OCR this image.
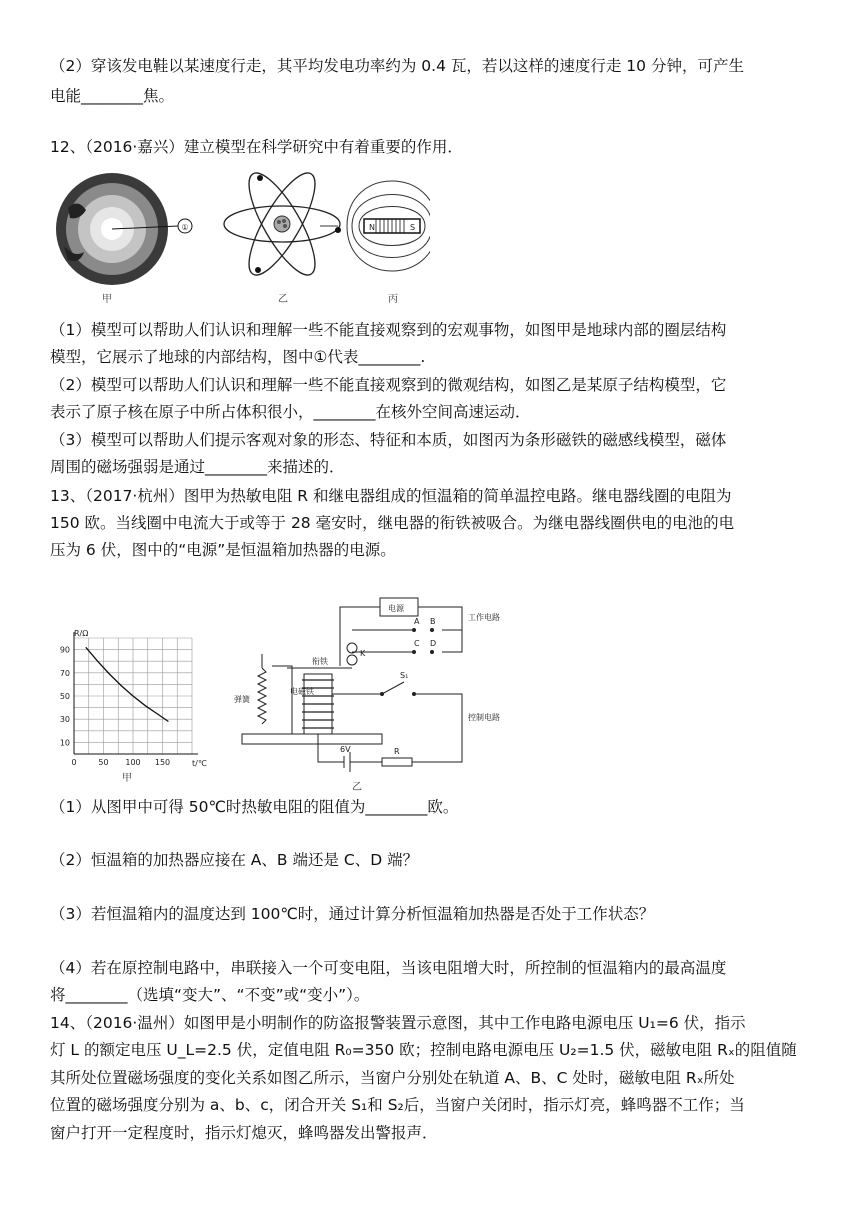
（2）穿该发电鞋以某速度行走，其平均发电功率约为 0.4 瓦，若以这样的速度行走 10 分钟，可产生
电能________焦。
12、（2016·嘉兴）建立模型在科学研究中有着重要的作用．
①	N	S
甲	乙	丙
（1）模型可以帮助人们认识和理解一些不能直接观察到的宏观事物，如图甲是地球内部的圈层结构
模型，它展示了地球的内部结构，图中①代表________.
（2）模型可以帮助人们认识和理解一些不能直接观察到的微观结构，如图乙是某原子结构模型，它
表示了原子核在原子中所占体积很小，________在核外空间高速运动．
（3）模型可以帮助人们提示客观对象的形态、特征和本质，如图丙为条形磁铁的磁感线模型，磁体
周围的磁场强弱是通过________来描述的．
13、（2017·杭州）图甲为热敏电阻 R 和继电器组成的恒温箱的简单温控电路。继电器线圈的电阻为
150 欧。当线圈中电流大于或等于 28 毫安时，继电器的衔铁被吸合。为继电器线圈供电的电池的电
压为 6 伏，图中的“电源”是恒温箱加热器的电源。
R/Ω
t/℃
甲
0	50 100 150
10
30
50
70
90
电源
A B
C D
工作电路
衔铁
K
弹簧
电磁铁
S₁
控制电路
6V	R
乙
（1）从图甲中可得 50℃时热敏电阻的阻值为________欧。
（2）恒温箱的加热器应接在 A、B 端还是 C、D 端？
（3）若恒温箱内的温度达到 100℃时，通过计算分析恒温箱加热器是否处于工作状态？
（4）若在原控制电路中，串联接入一个可变电阻，当该电阻增大时，所控制的恒温箱内的最高温度
将________（选填“变大”、“不变”或“变小”）。
14、（2016·温州）如图甲是小明制作的防盗报警装置示意图，其中工作电路电源电压 U₁=6 伏，指示
灯 L 的额定电压 U_L=2.5 伏，定值电阻 R₀=350 欧；控制电路电源电压 U₂=1.5 伏，磁敏电阻 Rₓ的阻值随
其所处位置磁场强度的变化关系如图乙所示，当窗户分别处在轨道 A、B、C 处时，磁敏电阻 Rₓ所处
位置的磁场强度分别为 a、b、c，闭合开关 S₁和 S₂后，当窗户关闭时，指示灯亮，蜂鸣器不工作；当
窗户打开一定程度时，指示灯熄灭，蜂鸣器发出警报声．
